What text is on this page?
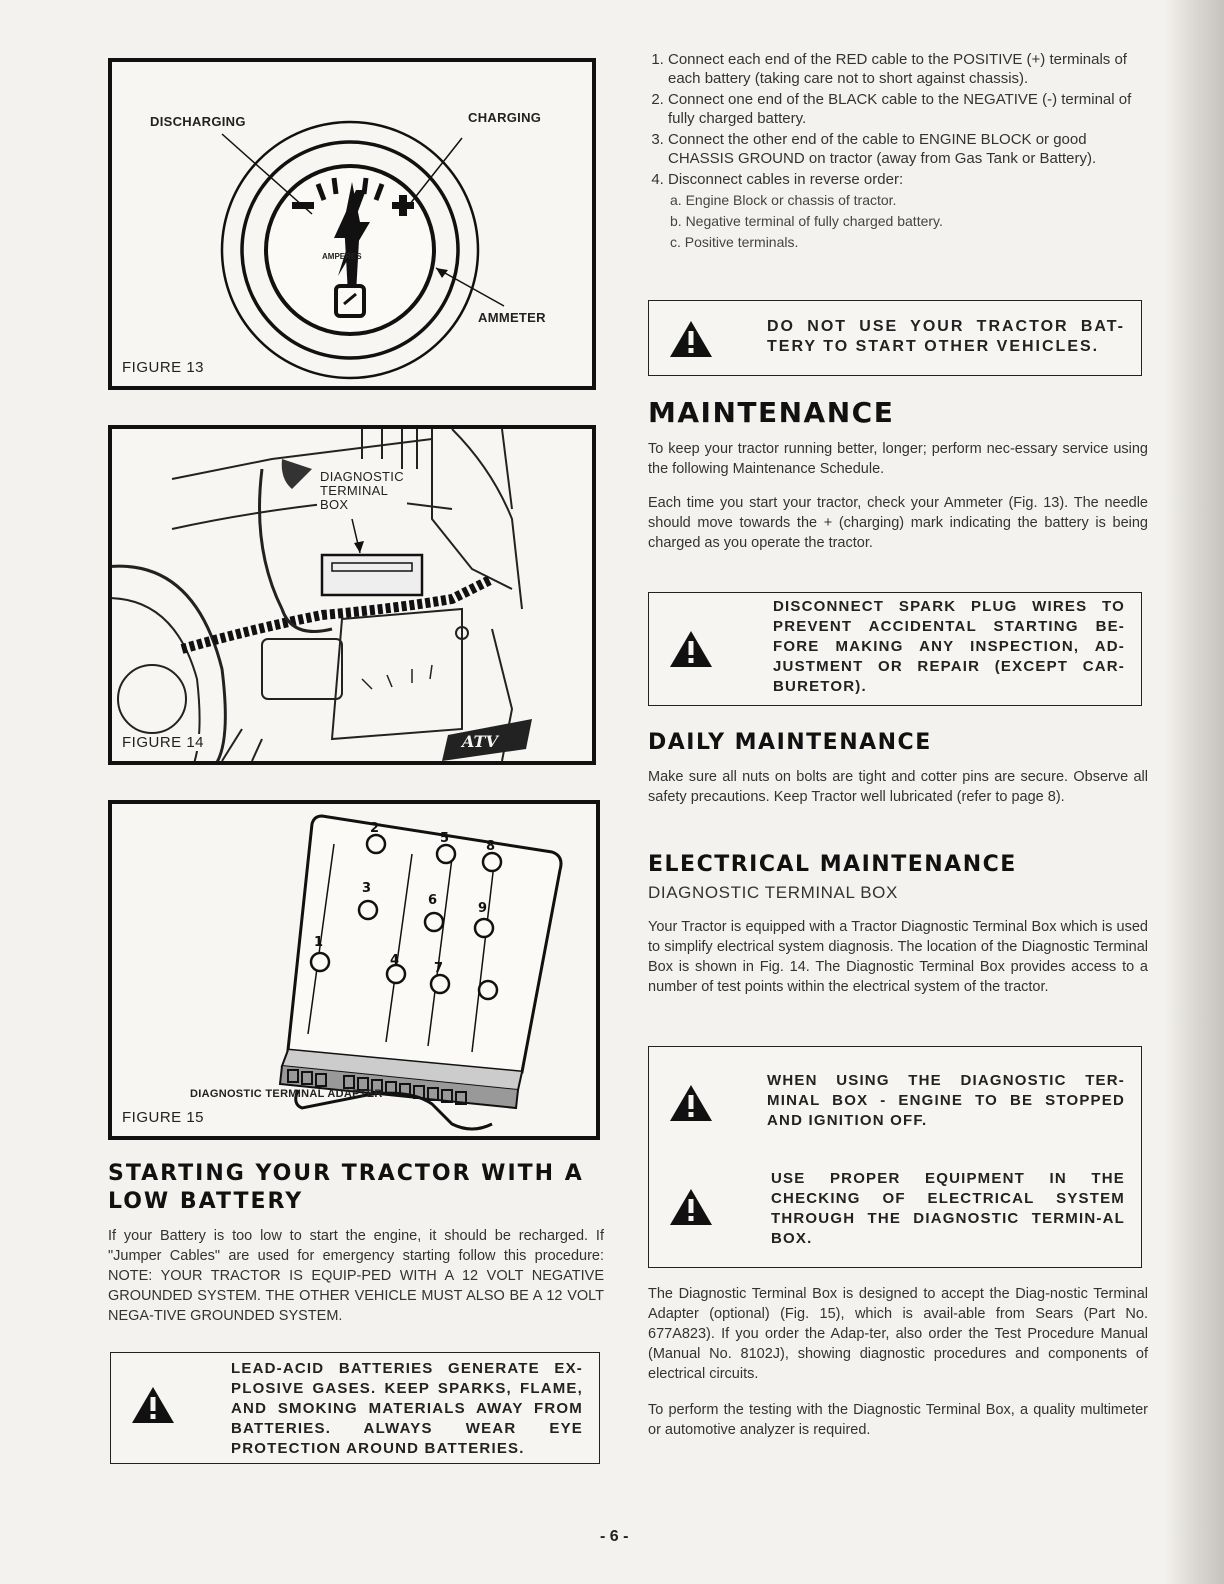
DISCHARGING	CHARGING
AMPERES
AMMETER
FIGURE 13
ATV
DIAGNOSTIC
TERMINAL
BOX
FIGURE 14
2
5
8
3
6
9
1
4
7
DIAGNOSTIC TERMINAL ADAPTER
FIGURE 15
STARTING YOUR TRACTOR WITH A LOW BATTERY

If your Battery is too low to start the engine, it should be recharged. If "Jumper Cables" are used for emergency starting follow this procedure: NOTE: YOUR TRACTOR IS EQUIP-PED WITH A 12 VOLT NEGATIVE GROUNDED SYSTEM. THE OTHER VEHICLE MUST ALSO BE A 12 VOLT NEGA-TIVE GROUNDED SYSTEM.

LEAD-ACID BATTERIES GENERATE EX-PLOSIVE GASES. KEEP SPARKS, FLAME, AND SMOKING MATERIALS AWAY FROM BATTERIES. ALWAYS WEAR EYE PROTECTION AROUND BATTERIES.
1. Connect each end of the RED cable to the POSITIVE (+) terminals of each battery (taking care not to short against chassis).
2. Connect one end of the BLACK cable to the NEGATIVE (-) terminal of fully charged battery.
3. Connect the other end of the cable to ENGINE BLOCK or good CHASSIS GROUND on tractor (away from Gas Tank or Battery).
4. Disconnect cables in reverse order:
a. Engine Block or chassis of tractor.
b. Negative terminal of fully charged battery.
c. Positive terminals.
DO NOT USE YOUR TRACTOR BAT-TERY TO START OTHER VEHICLES.
MAINTENANCE

To keep your tractor running better, longer; perform nec-essary service using the following Maintenance Schedule.

Each time you start your tractor, check your Ammeter (Fig. 13). The needle should move towards the + (charging) mark indicating the battery is being charged as you operate the tractor.

DISCONNECT SPARK PLUG WIRES TO PREVENT ACCIDENTAL STARTING BE-FORE MAKING ANY INSPECTION, AD-JUSTMENT OR REPAIR (EXCEPT CAR-BURETOR).
DAILY MAINTENANCE

Make sure all nuts on bolts are tight and cotter pins are secure. Observe all safety precautions. Keep Tractor well lubricated (refer to page 8).

ELECTRICAL MAINTENANCE
DIAGNOSTIC TERMINAL BOX

Your Tractor is equipped with a Tractor Diagnostic Terminal Box which is used to simplify electrical system diagnosis. The location of the Diagnostic Terminal Box is shown in Fig. 14. The Diagnostic Terminal Box provides access to a number of test points within the electrical system of the tractor.

WHEN USING THE DIAGNOSTIC TER-MINAL BOX - ENGINE TO BE STOPPED AND IGNITION OFF.
USE PROPER EQUIPMENT IN THE CHECKING OF ELECTRICAL SYSTEM THROUGH THE DIAGNOSTIC TERMIN-AL BOX.

The Diagnostic Terminal Box is designed to accept the Diag-nostic Terminal Adapter (optional) (Fig. 15), which is avail-able from Sears (Part No. 677A823). If you order the Adap-ter, also order the Test Procedure Manual (Manual No. 8102J), showing diagnostic procedures and components of electrical circuits.

To perform the testing with the Diagnostic Terminal Box, a quality multimeter or automotive analyzer is required.

- 6 -
